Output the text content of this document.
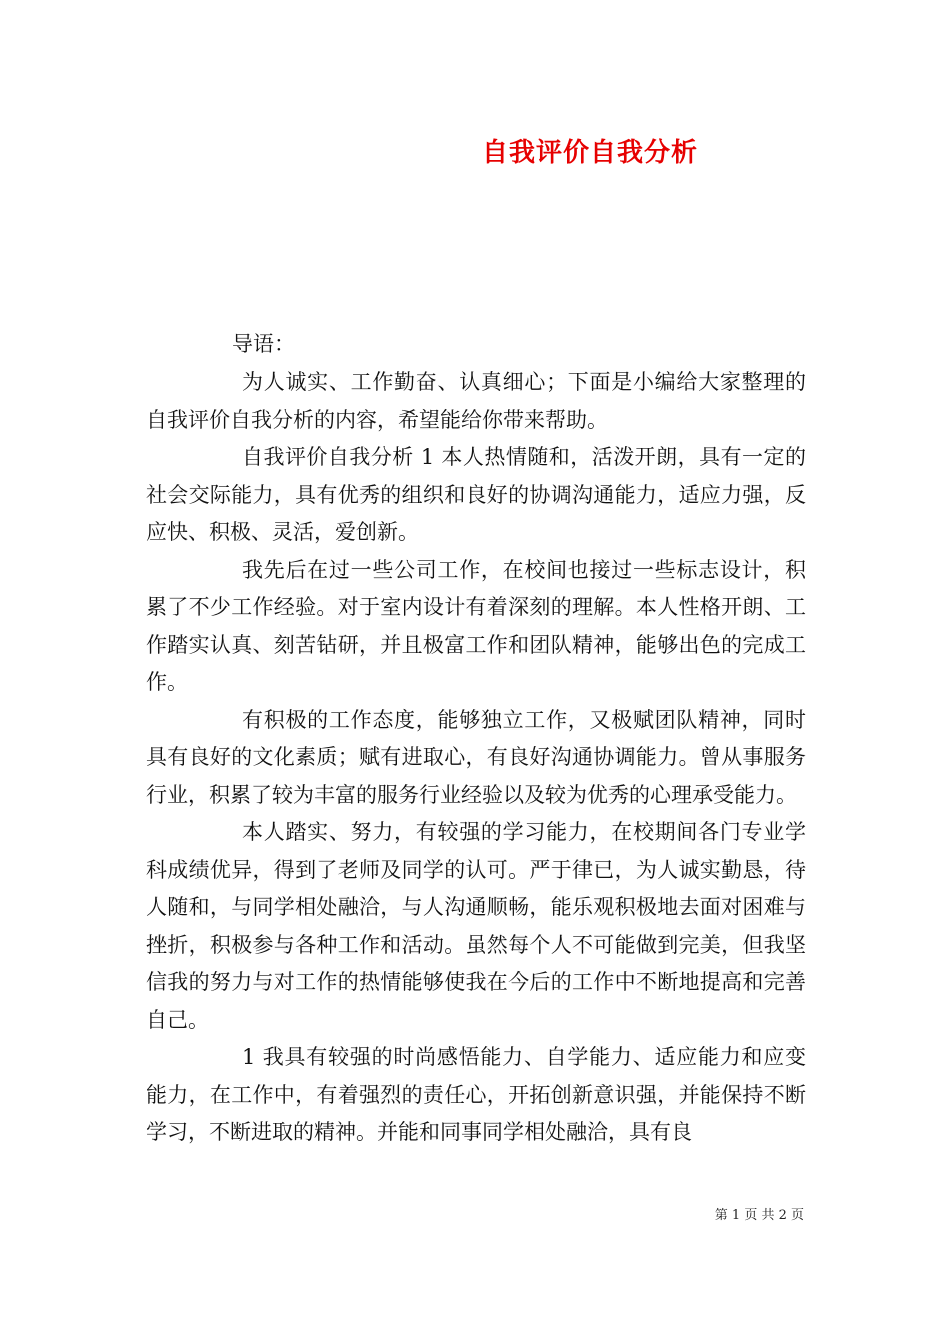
自我评价自我分析
导语：

为人诚实、工作勤奋、认真细心；下面是小编给大家整理的自我评价自我分析的内容，希望能给你带来帮助。

自我评价自我分析 1 本人热情随和，活泼开朗，具有一定的社会交际能力，具有优秀的组织和良好的协调沟通能力，适应力强，反应快、积极、灵活，爱创新。

我先后在过一些公司工作，在校间也接过一些标志设计，积累了不少工作经验。对于室内设计有着深刻的理解。本人性格开朗、工作踏实认真、刻苦钻研，并且极富工作和团队精神，能够出色的完成工作。

有积极的工作态度，能够独立工作，又极赋团队精神，同时具有良好的文化素质；赋有进取心，有良好沟通协调能力。曾从事服务行业，积累了较为丰富的服务行业经验以及较为优秀的心理承受能力。

本人踏实、努力，有较强的学习能力，在校期间各门专业学科成绩优异，得到了老师及同学的认可。严于律已，为人诚实勤恳，待人随和，与同学相处融洽，与人沟通顺畅，能乐观积极地去面对困难与挫折，积极参与各种工作和活动。虽然每个人不可能做到完美，但我坚信我的努力与对工作的热情能够使我在今后的工作中不断地提高和完善自己。

1 我具有较强的时尚感悟能力、自学能力、适应能力和应变能力，在工作中，有着强烈的责任心，开拓创新意识强，并能保持不断学习，不断进取的精神。并能和同事同学相处融洽，具有良

第 1 页 共 2 页
